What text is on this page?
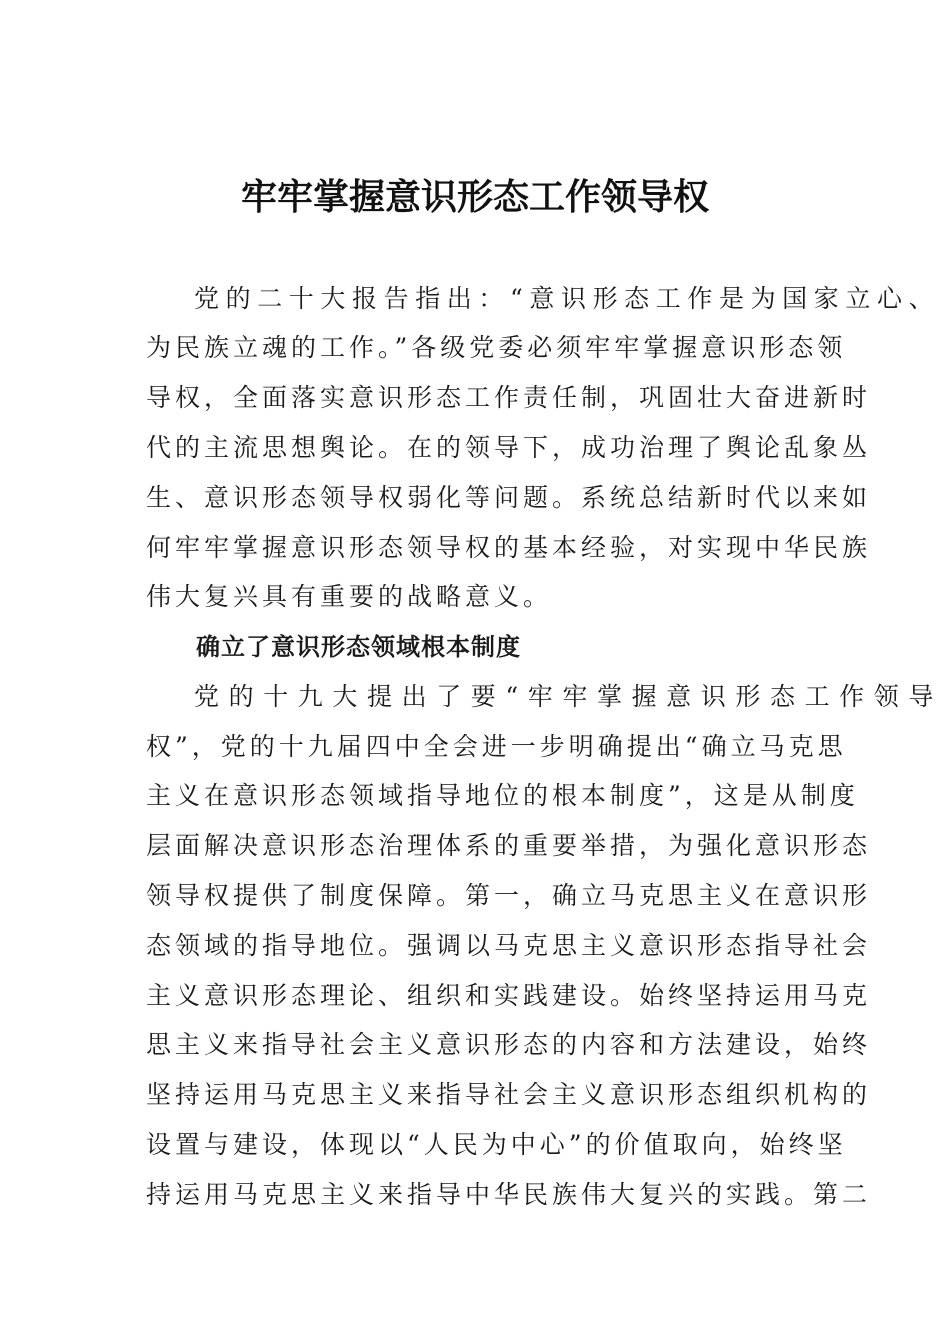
牢牢掌握意识形态工作领导权

党的二十大报告指出：“意识形态工作是为国家立心、

为民族立魂的工作。”各级党委必须牢牢掌握意识形态领

导权，全面落实意识形态工作责任制，巩固壮大奋进新时

代的主流思想舆论。在的领导下，成功治理了舆论乱象丛

生、意识形态领导权弱化等问题。系统总结新时代以来如

何牢牢掌握意识形态领导权的基本经验，对实现中华民族

伟大复兴具有重要的战略意义。

确立了意识形态领域根本制度

党的十九大提出了要“牢牢掌握意识形态工作领导

权”，党的十九届四中全会进一步明确提出“确立马克思

主义在意识形态领域指导地位的根本制度”，这是从制度

层面解决意识形态治理体系的重要举措，为强化意识形态

领导权提供了制度保障。第一，确立马克思主义在意识形

态领域的指导地位。强调以马克思主义意识形态指导社会

主义意识形态理论、组织和实践建设。始终坚持运用马克

思主义来指导社会主义意识形态的内容和方法建设，始终

坚持运用马克思主义来指导社会主义意识形态组织机构的

设置与建设，体现以“人民为中心”的价值取向，始终坚

持运用马克思主义来指导中华民族伟大复兴的实践。第二
